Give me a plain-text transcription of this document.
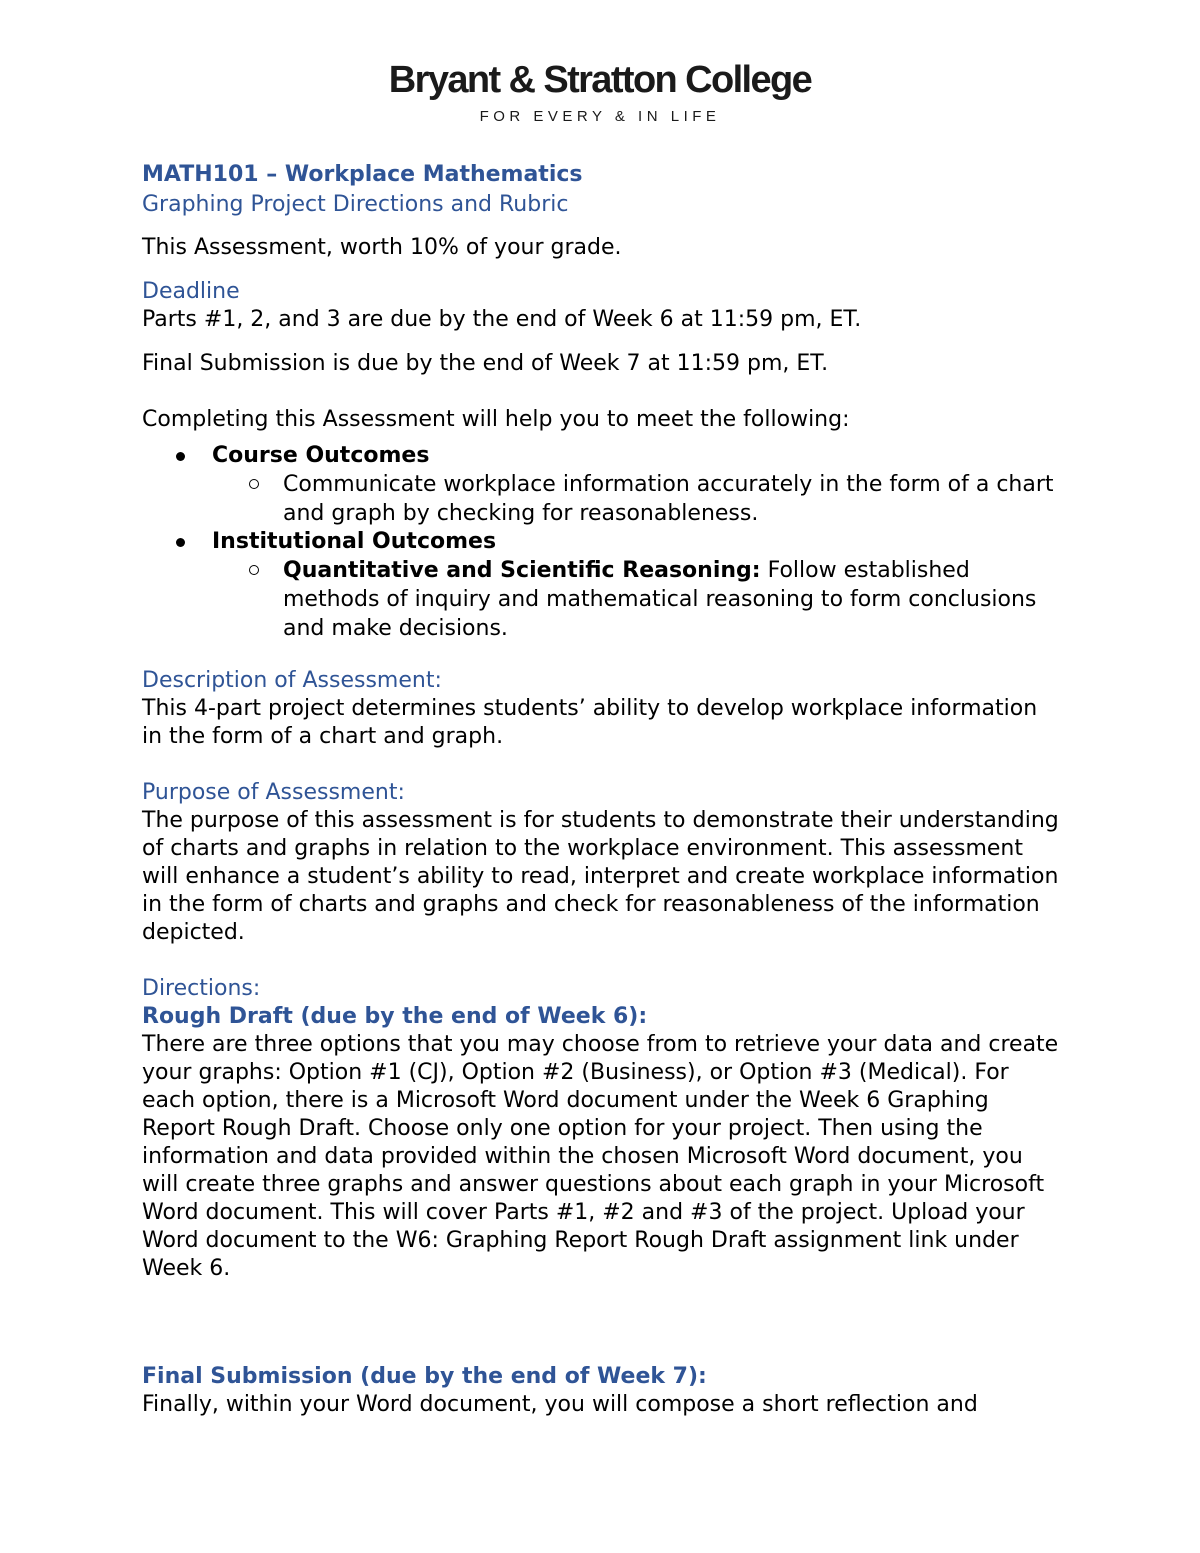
Bryant & Stratton College
FOR EVERY & IN LIFE

MATH101 – Workplace Mathematics

Graphing Project Directions and Rubric

This Assessment, worth 10% of your grade.

Deadline

Parts #1, 2, and 3 are due by the end of Week 6 at 11:59 pm, ET.

Final Submission is due by the end of Week 7 at 11:59 pm, ET.

Completing this Assessment will help you to meet the following:

Course Outcomes
Communicate workplace information accurately in the form of a chart and graph by checking for reasonableness.
Institutional Outcomes
Quantitative and Scientific Reasoning: Follow established methods of inquiry and mathematical reasoning to form conclusions and make decisions.

Description of Assessment:

This 4-part project determines students’ ability to develop workplace information in the form of a chart and graph.

Purpose of Assessment:

The purpose of this assessment is for students to demonstrate their understanding of charts and graphs in relation to the workplace environment. This assessment will enhance a student’s ability to read, interpret and create workplace information in the form of charts and graphs and check for reasonableness of the information depicted.

Directions:

Rough Draft (due by the end of Week 6):

There are three options that you may choose from to retrieve your data and create your graphs: Option #1 (CJ), Option #2 (Business), or Option #3 (Medical). For each option, there is a Microsoft Word document under the Week 6 Graphing Report Rough Draft. Choose only one option for your project. Then using the information and data provided within the chosen Microsoft Word document, you will create three graphs and answer questions about each graph in your Microsoft Word document. This will cover Parts #1, #2 and #3 of the project. Upload your Word document to the W6: Graphing Report Rough Draft assignment link under Week 6.

Final Submission (due by the end of Week 7):

Finally, within your Word document, you will compose a short reflection and
